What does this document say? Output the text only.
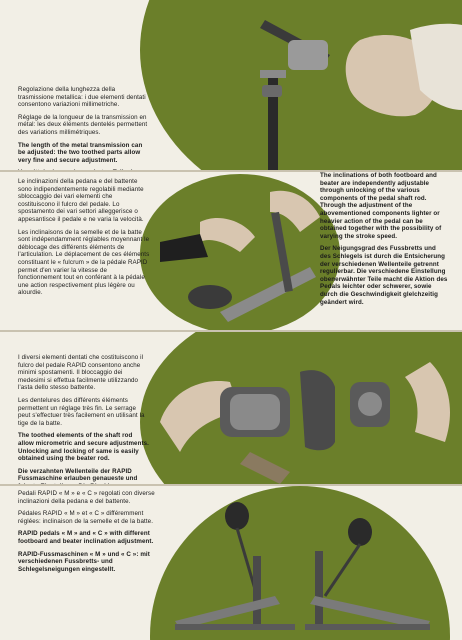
Regolazione della lunghezza della trasmissione metallica: i due elementi dentati consentono variazioni millimetriche.

Réglage de la longueur de la transmission en métal: les deux éléments dentelés permettent des variations millimétriques.

The length of the metal transmission can be adjusted: the two toothed parts allow very fine and secure adjustment.

Le inclinazioni della pedana e del battente sono indipendentemente regolabili mediante sbloccaggio dei vari elementi che costituiscono il fulcro del pedale. Lo spostamento dei vari settori alleggerisce o appesantisce il pedale e ne varia la velocità.

Les inclinaisons de la semelle et de la batte sont indépendamment réglables moyennant le déblocage des différents éléments de l'articulation. Le déplacement de ces éléments constituant le « fulcrum » de la pédale RAPID permet d'en varier la vitesse de fonctionnement tout en conférant à la pédale une action respectivement plus légère ou alourdie.

The inclinations of both footboard and beater are independently adjustable through unlocking of the various components of the pedal shaft rod. Through the adjustment of the abovementioned components lighter or heavier action of the pedal can be obtained together with the possibility of varying the stroke speed.

Der Neigungsgrad des Fussbretts und des Schlegels ist durch die Entsicherung der verschiedenen Wellenteile getrennt regulierbar. Die verschiedene Einstellung obenerwähnter Teile macht die Aktion des Pedals leichter oder schwerer, sowie durch die Geschwindigkeit glelchzeitig geändert wird.

I diversi elementi dentati che costituiscono il fulcro del pedale RAPID consentono anche minimi spostamenti. Il bloccaggio dei medesimi si effettua facilmente utilizzando l'asta dello stesso battente.

Les dentelures des différents éléments permettent un réglage très fin. Le serrage peut s'effectuer très facilement en utilisant la tige de la batte.

The toothed elements of the shaft rod allow micrometric and secure adjustments. Unlocking and locking of same is easily obtained using the beater rod.

Die verzahnten Wellenteile der RAPID Fussmaschine erlauben genaueste und

Pedali RAPID « M » e « C » regolati con diverse inclinazioni della pedana e del battente.

Pédales RAPID « M » et « C » différemment réglées: inclinaison de la semelle et de la batte.

RAPID pedals « M » and « C » with different footboard and beater inclination adjustment.

RAPID-Fussmaschinen « M » und « C »: mit verschiedenen Fussbretts- und Schlegelsneigungen eingestellt.
